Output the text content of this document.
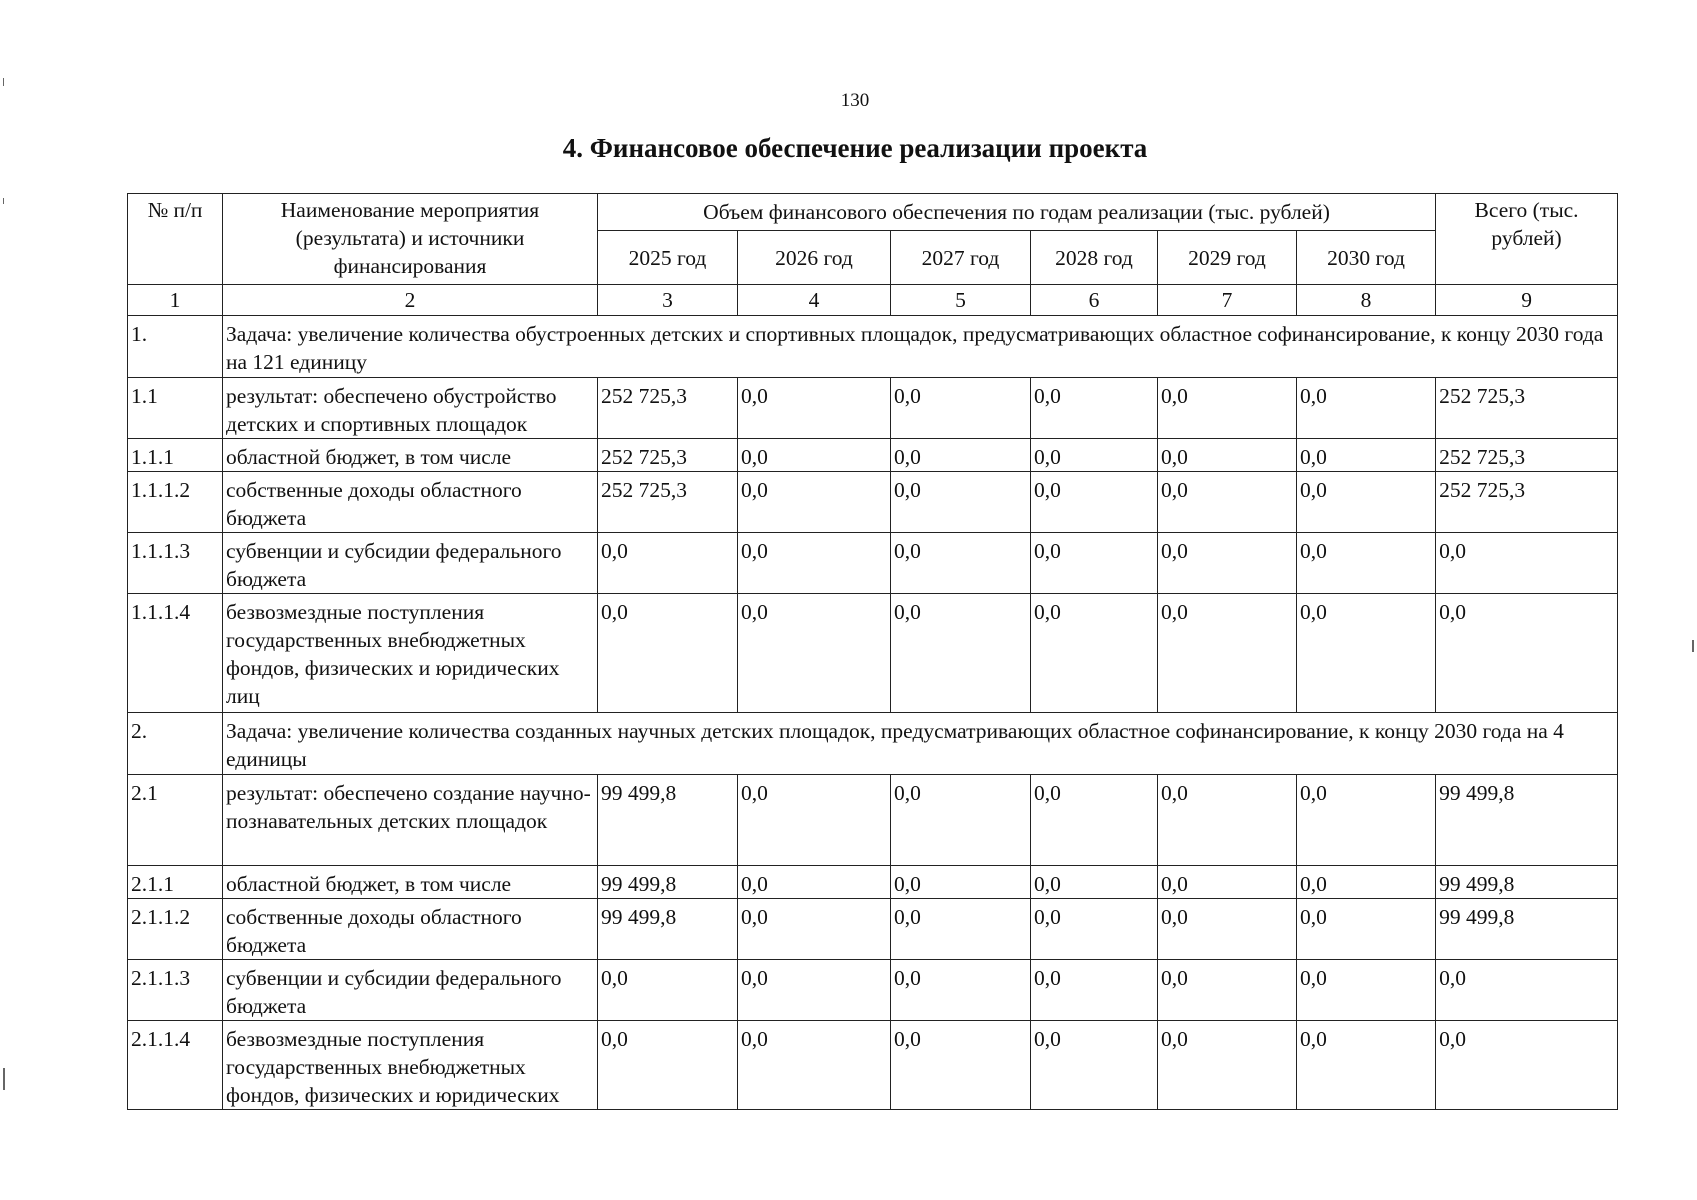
130
4. Финансовое обеспечение реализации проекта
№ п/п	Наименование мероприятия (результата) и источники финансирования	Объем финансового обеспечения по годам реализации (тыс. рублей)						Всего (тыс. рублей)
		2025 год	2026 год	2027 год	2028 год	2029 год	2030 год	
1	2	3	4	5	6	7	8	9
1.	Задача: увеличение количества обустроенных детских и спортивных площадок, предусматривающих областное софинансирование, к концу 2030 года на 121 единицу							
1.1	результат: обеспечено обустройство детских и спортивных площадок	252 725,3	0,0	0,0	0,0	0,0	0,0	252 725,3
1.1.1	областной бюджет, в том числе	252 725,3	0,0	0,0	0,0	0,0	0,0	252 725,3
1.1.1.2	собственные доходы областного бюджета	252 725,3	0,0	0,0	0,0	0,0	0,0	252 725,3
1.1.1.3	субвенции и субсидии федерального бюджета	0,0	0,0	0,0	0,0	0,0	0,0	0,0
1.1.1.4	безвозмездные поступления государственных внебюджетных фондов, физических и юридических лиц	0,0	0,0	0,0	0,0	0,0	0,0	0,0
2.	Задача: увеличение количества созданных научных детских площадок, предусматривающих областное софинансирование, к концу 2030 года на 4 единицы							
2.1	результат: обеспечено создание научно-познавательных детских площадок	99 499,8	0,0	0,0	0,0	0,0	0,0	99 499,8
2.1.1	областной бюджет, в том числе	99 499,8	0,0	0,0	0,0	0,0	0,0	99 499,8
2.1.1.2	собственные доходы областного бюджета	99 499,8	0,0	0,0	0,0	0,0	0,0	99 499,8
2.1.1.3	субвенции и субсидии федерального бюджета	0,0	0,0	0,0	0,0	0,0	0,0	0,0
2.1.1.4	безвозмездные поступления государственных внебюджетных фондов, физических и юридических	0,0	0,0	0,0	0,0	0,0	0,0	0,0
